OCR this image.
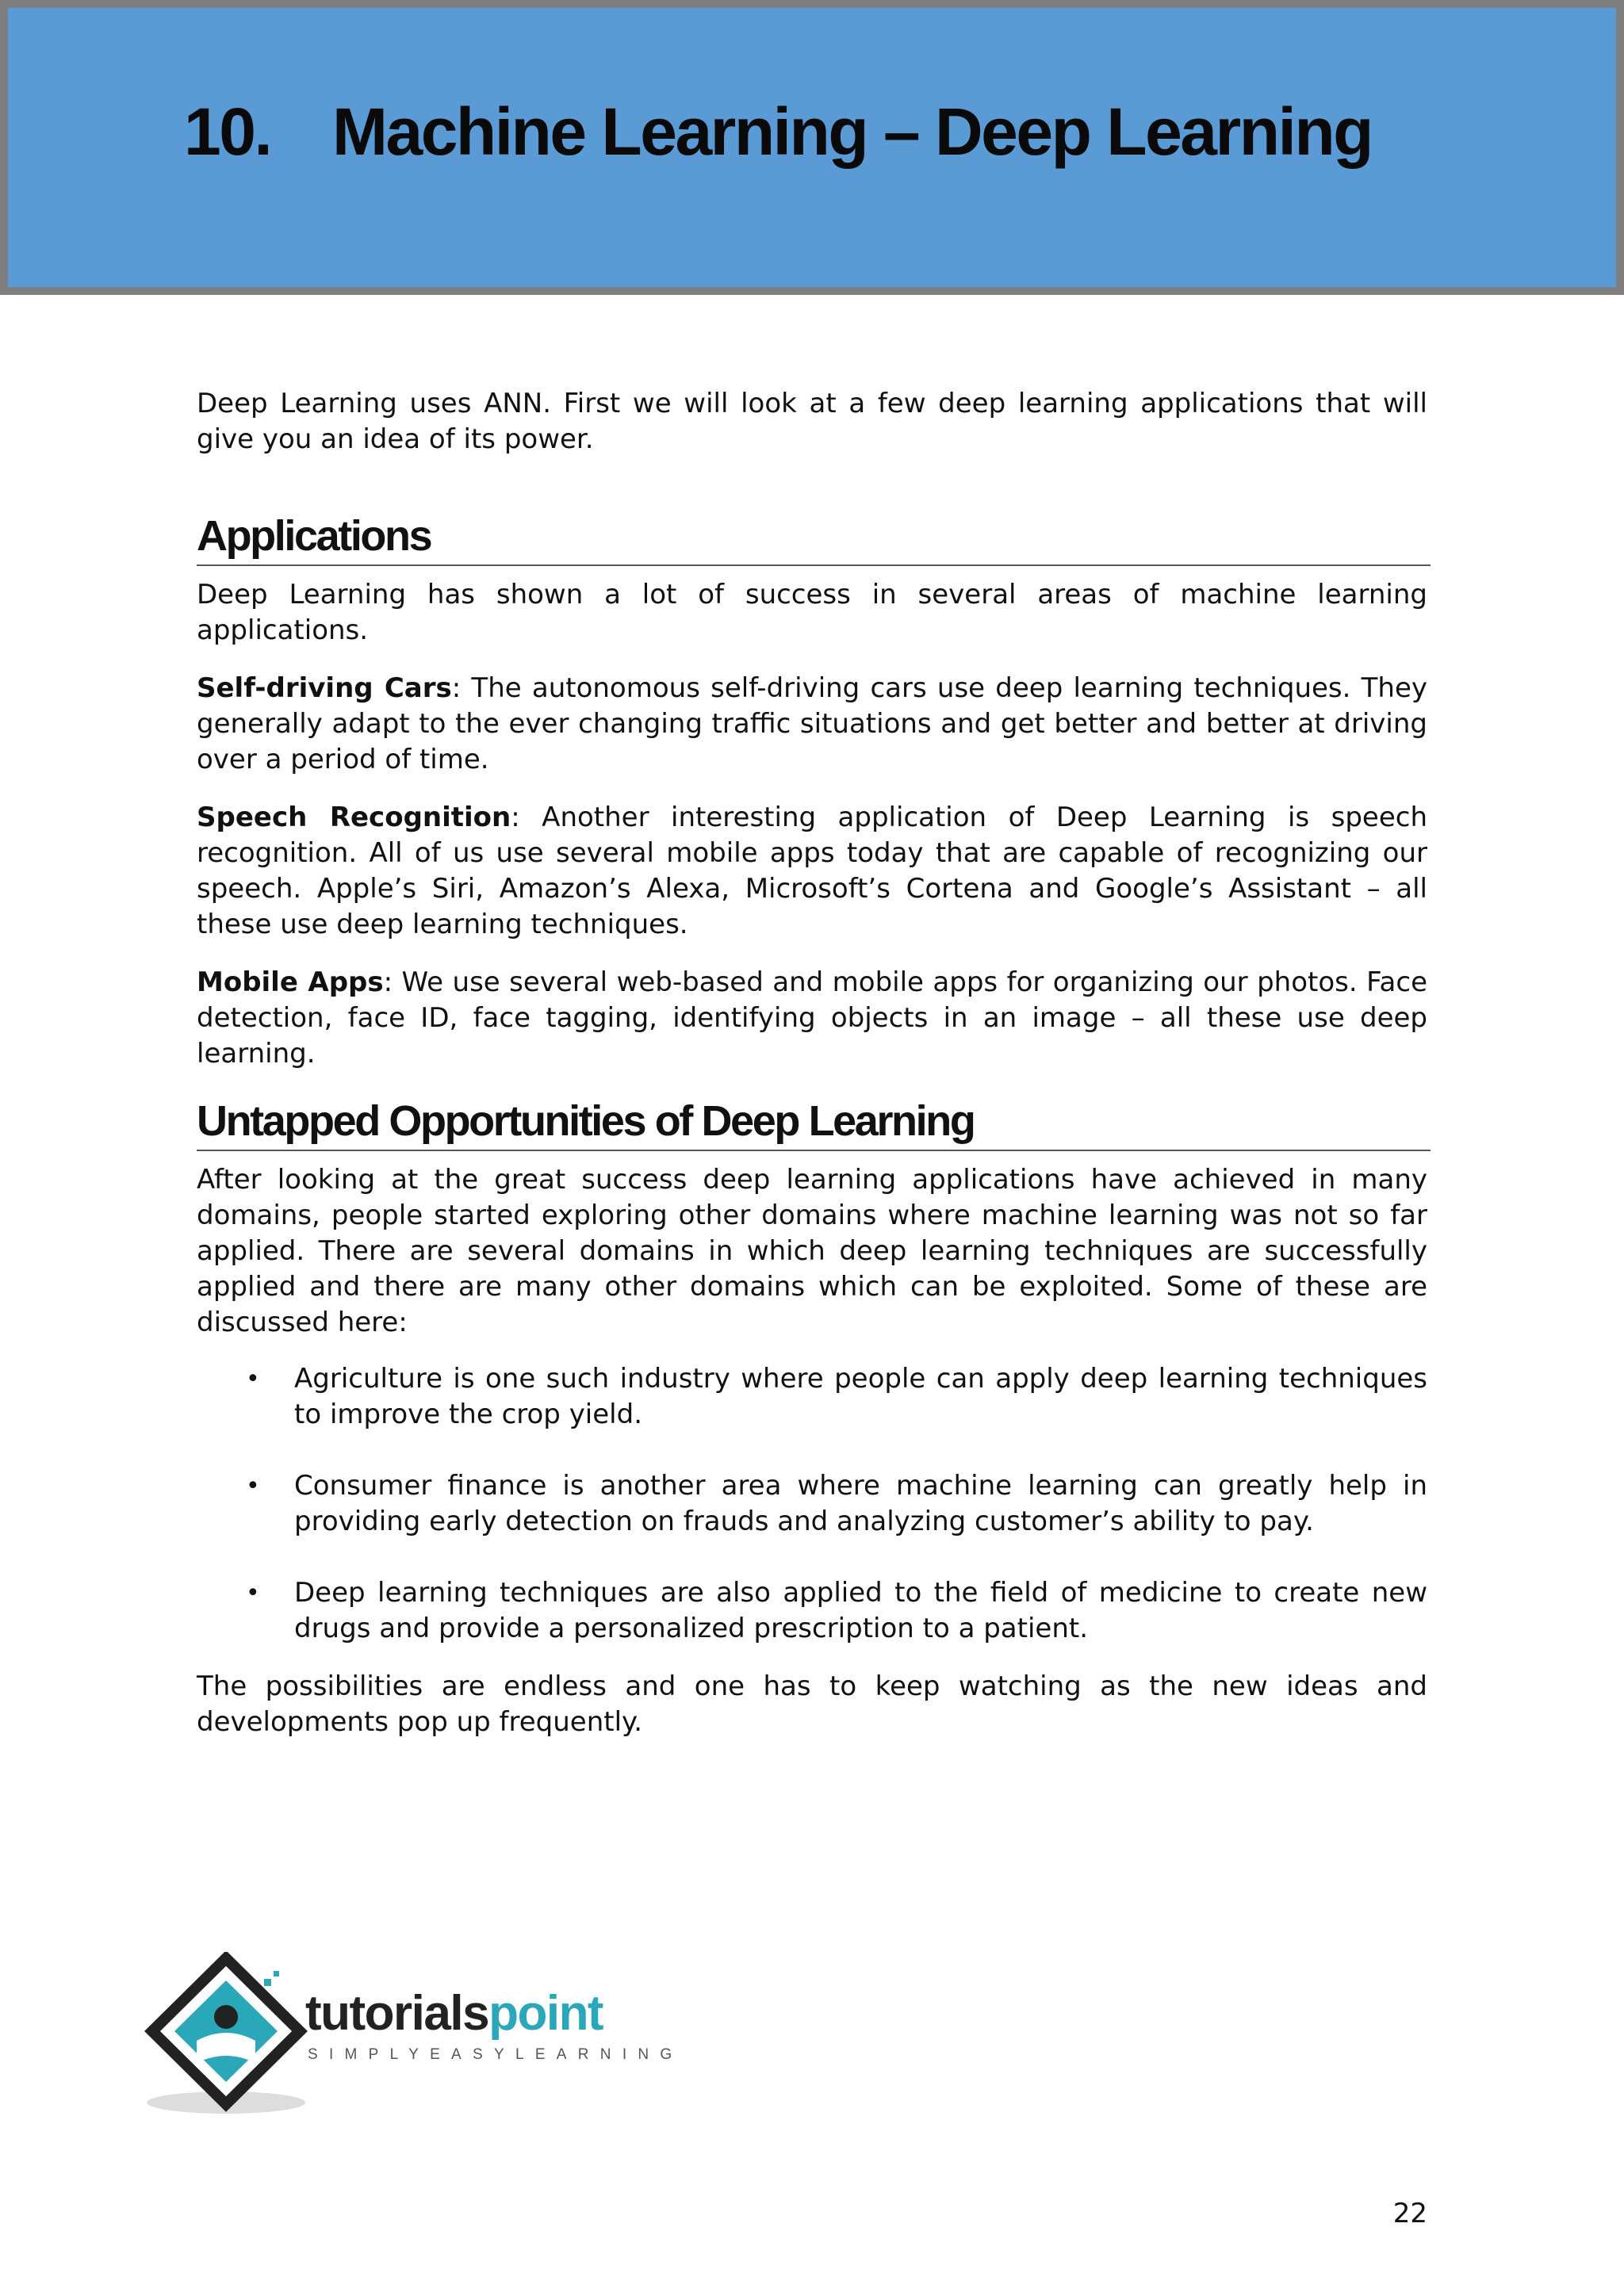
10. Machine Learning – Deep Learning

Deep Learning uses ANN. First we will look at a few deep learning applications that will give you an idea of its power.

Applications

Deep Learning has shown a lot of success in several areas of machine learning applications.

Self-driving Cars: The autonomous self-driving cars use deep learning techniques. They generally adapt to the ever changing traffic situations and get better and better at driving over a period of time.

Speech Recognition: Another interesting application of Deep Learning is speech recognition. All of us use several mobile apps today that are capable of recognizing our speech. Apple’s Siri, Amazon’s Alexa, Microsoft’s Cortena and Google’s Assistant – all these use deep learning techniques.

Mobile Apps: We use several web-based and mobile apps for organizing our photos. Face detection, face ID, face tagging, identifying objects in an image – all these use deep learning.

Untapped Opportunities of Deep Learning

After looking at the great success deep learning applications have achieved in many domains, people started exploring other domains where machine learning was not so far applied. There are several domains in which deep learning techniques are successfully applied and there are many other domains which can be exploited. Some of these are discussed here:

• Agriculture is one such industry where people can apply deep learning techniques to improve the crop yield.
• Consumer finance is another area where machine learning can greatly help in providing early detection on frauds and analyzing customer’s ability to pay.
• Deep learning techniques are also applied to the field of medicine to create new drugs and provide a personalized prescription to a patient.

The possibilities are endless and one has to keep watching as the new ideas and developments pop up frequently.

tutorialspoint
SIMPLYEASYLEARNING
22
